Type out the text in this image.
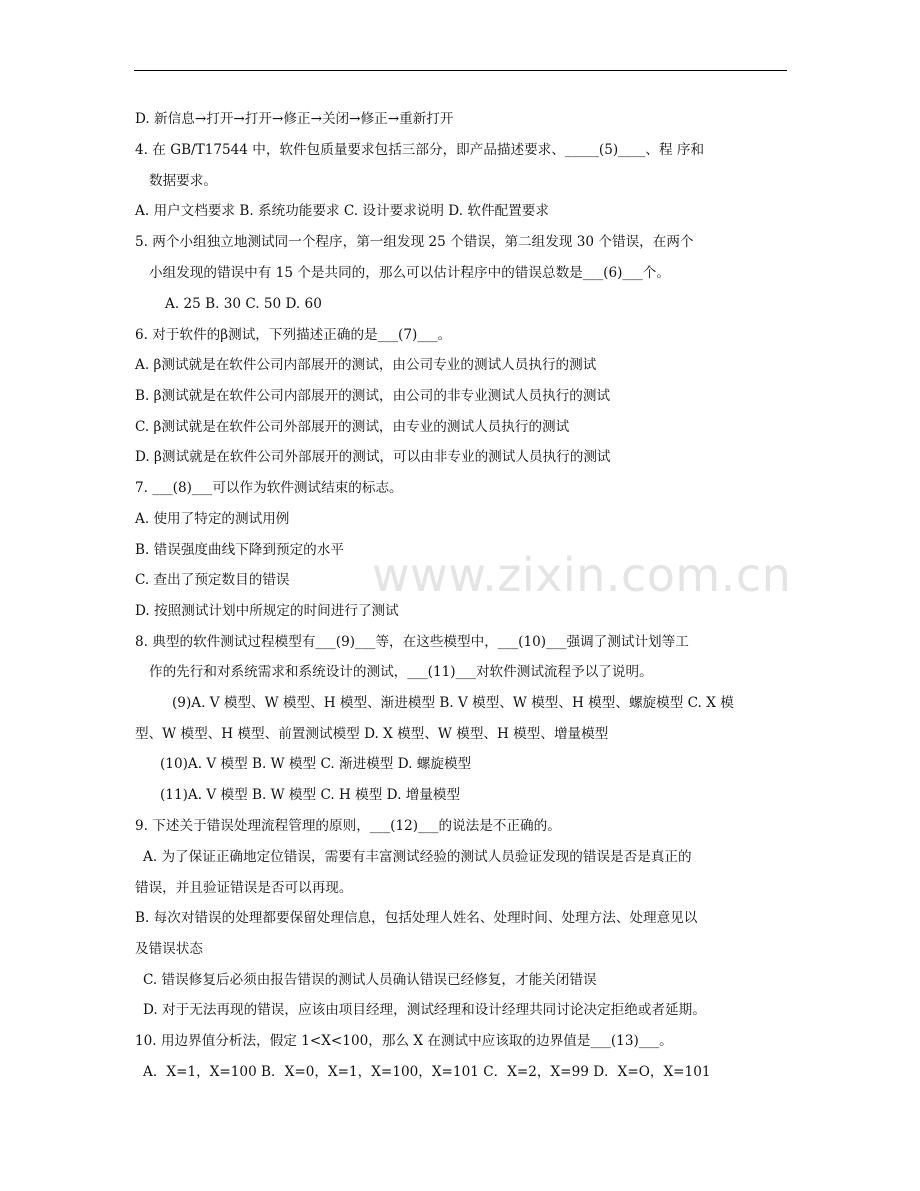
www.zixin.com.cn
D. 新信息→打开→打开→修正→关闭→修正→重新打开
4. 在 GB/T17544 中，软件包质量要求包括三部分，即产品描述要求、_____(5)____、程 序和
数据要求。
A. 用户文档要求 B. 系统功能要求 C. 设计要求说明 D. 软件配置要求
5. 两个小组独立地测试同一个程序，第一组发现 25 个错误，第二组发现 30 个错误，在两个
小组发现的错误中有 15 个是共同的，那么可以估计程序中的错误总数是___(6)___个。
A. 25 B. 30 C. 50 D. 60
6. 对于软件的β测试，下列描述正确的是___(7)___。
A. β测试就是在软件公司内部展开的测试，由公司专业的测试人员执行的测试
B. β测试就是在软件公司内部展开的测试，由公司的非专业测试人员执行的测试
C. β测试就是在软件公司外部展开的测试，由专业的测试人员执行的测试
D. β测试就是在软件公司外部展开的测试，可以由非专业的测试人员执行的测试
7. ___(8)___可以作为软件测试结束的标志。
A. 使用了特定的测试用例
B. 错误强度曲线下降到预定的水平
C. 查出了预定数目的错误
D. 按照测试计划中所规定的时间进行了测试
8. 典型的软件测试过程模型有___(9)___等，在这些模型中，___(10)___强调了测试计划等工
作的先行和对系统需求和系统设计的测试，___(11)___对软件测试流程予以了说明。
(9)A. V 模型、W 模型、H 模型、渐进模型 B. V 模型、W 模型、H 模型、螺旋模型 C. X 模
型、W 模型、H 模型、前置测试模型 D. X 模型、W 模型、H 模型、增量模型
(10)A. V 模型 B. W 模型 C. 渐进模型 D. 螺旋模型
(11)A. V 模型 B. W 模型 C. H 模型 D. 增量模型
9. 下述关于错误处理流程管理的原则，___(12)___的说法是不正确的。
A. 为了保证正确地定位错误，需要有丰富测试经验的测试人员验证发现的错误是否是真正的
错误，并且验证错误是否可以再现。
B. 每次对错误的处理都要保留处理信息，包括处理人姓名、处理时间、处理方法、处理意见以
及错误状态
C. 错误修复后必须由报告错误的测试人员确认错误已经修复，才能关闭错误
D. 对于无法再现的错误，应该由项目经理，测试经理和设计经理共同讨论决定拒绝或者延期。
10. 用边界值分析法，假定 1<X<100，那么 X 在测试中应该取的边界值是___(13)___。
A．X=1，X=100 B．X=0，X=1，X=100，X=101 C．X=2，X=99 D．X=O，X=101
